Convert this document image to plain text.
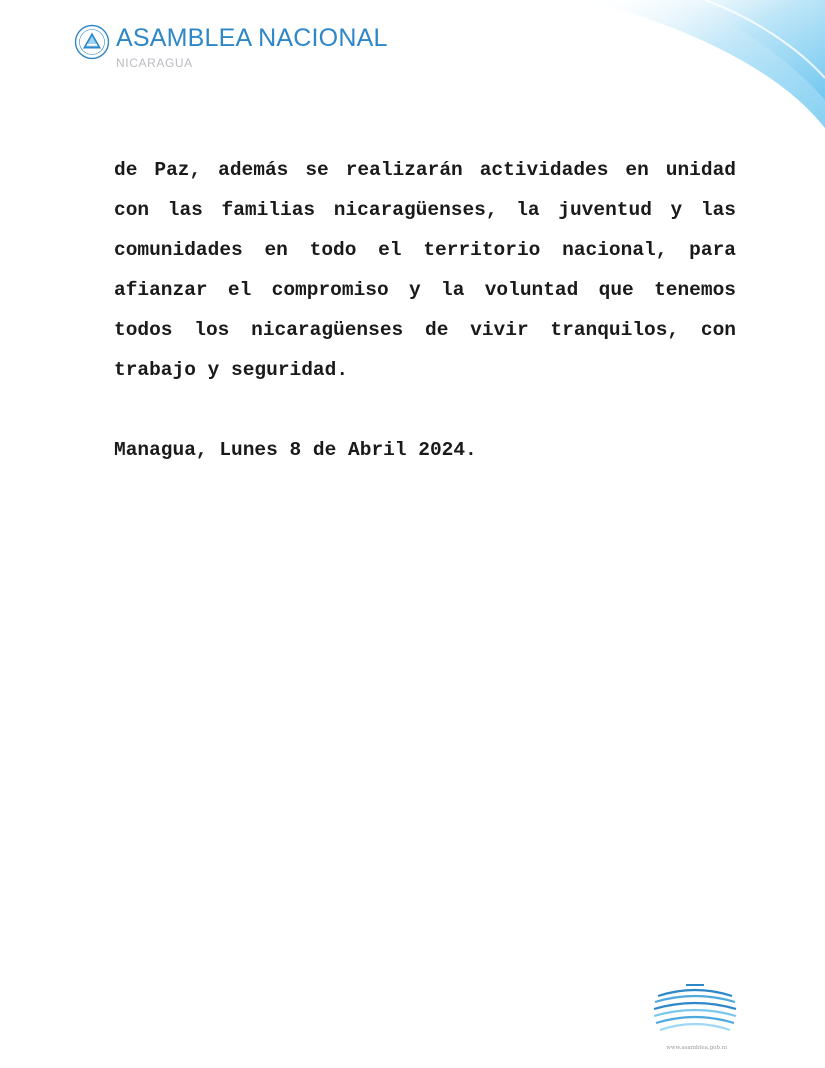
ASAMBLEA NACIONAL
NICARAGUA

de Paz, además se realizarán actividades en unidad con las familias nicaragüenses, la juventud y las comunidades en todo el territorio nacional, para afianzar el compromiso y la voluntad que tenemos todos los nicaragüenses de vivir tranquilos, con trabajo y seguridad.

Managua, Lunes 8 de Abril 2024.

www.asamblea.gob.ni
